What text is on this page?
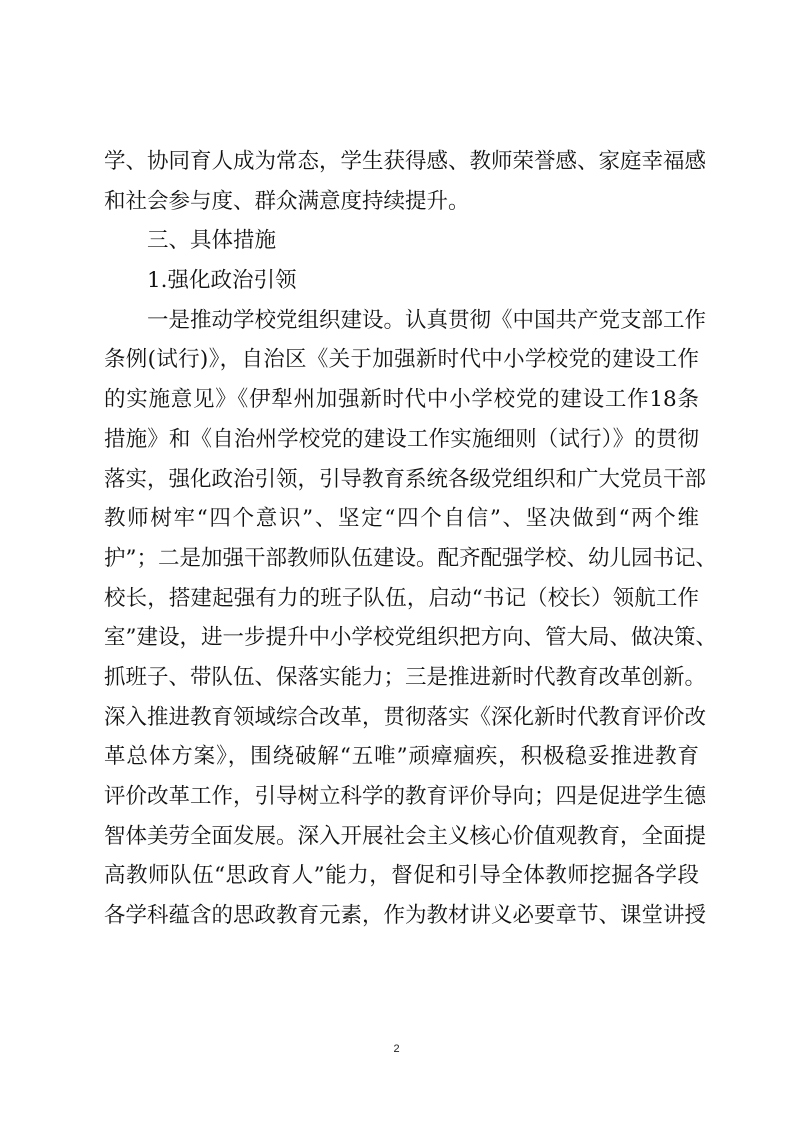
学、协同育人成为常态，学生获得感、教师荣誉感、家庭幸福感
和社会参与度、群众满意度持续提升。
三、具体措施
1.强化政治引领
一是推动学校党组织建设。认真贯彻《中国共产党支部工作
条例(试行)》，自治区《关于加强新时代中小学校党的建设工作
的实施意见》《伊犁州加强新时代中小学校党的建设工作18条
措施》和《自治州学校党的建设工作实施细则（试行）》的贯彻
落实，强化政治引领，引导教育系统各级党组织和广大党员干部
教师树牢“四个意识”、坚定“四个自信”、坚决做到“两个维
护”；二是加强干部教师队伍建设。配齐配强学校、幼儿园书记、
校长，搭建起强有力的班子队伍，启动“书记（校长）领航工作
室”建设，进一步提升中小学校党组织把方向、管大局、做决策、
抓班子、带队伍、保落实能力；三是推进新时代教育改革创新。
深入推进教育领域综合改革，贯彻落实《深化新时代教育评价改
革总体方案》，围绕破解“五唯”顽瘴痼疾，积极稳妥推进教育
评价改革工作，引导树立科学的教育评价导向；四是促进学生德
智体美劳全面发展。深入开展社会主义核心价值观教育，全面提
高教师队伍“思政育人”能力，督促和引导全体教师挖掘各学段
各学科蕴含的思政教育元素，作为教材讲义必要章节、课堂讲授
2
